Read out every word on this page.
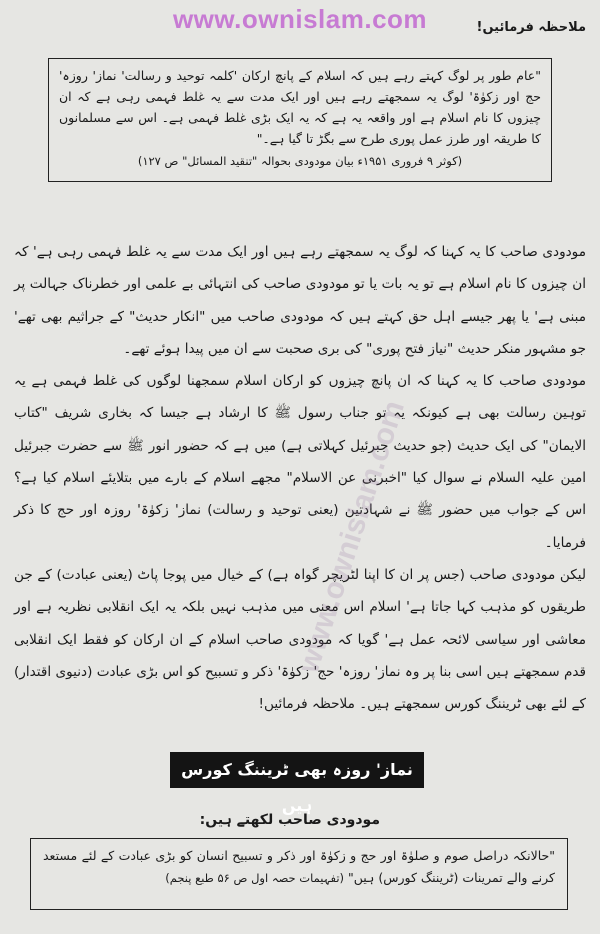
www.ownislam.com	ملاحظہ فرمائیں!
"عام طور پر لوگ کہتے رہے ہیں کہ اسلام کے پانچ ارکان 'کلمہ توحید و رسالت' نماز' روزہ' حج اور زکوٰۃ' لوگ یہ سمجھتے رہے ہیں اور ایک مدت سے یہ غلط فہمی رہی ہے کہ ان چیزوں کا نام اسلام ہے اور واقعہ یہ ہے کہ یہ ایک بڑی غلط فہمی ہے۔ اس سے مسلمانوں کا طریقہ اور طرز عمل پوری طرح سے بگڑ تا گیا ہے۔"
(کوثر ۹ فروری ۱۹۵۱ء بیان مودودی بحوالہ "تنقید المسائل" ص ۱۲۷)

مودودی صاحب کا یہ کہنا کہ لوگ یہ سمجھتے رہے ہیں اور ایک مدت سے یہ غلط فہمی رہی ہے' کہ ان چیزوں کا نام اسلام ہے تو یہ بات یا تو مودودی صاحب کی انتہائی بے علمی اور خطرناک جہالت پر مبنی ہے' یا پھر جیسے اہل حق کہتے ہیں کہ مودودی صاحب میں "انکار حدیث" کے جراثیم بھی تھے' جو مشہور منکر حدیث "نیاز فتح پوری" کی بری صحبت سے ان میں پیدا ہوئے تھے۔

مودودی صاحب کا یہ کہنا کہ ان پانچ چیزوں کو ارکان اسلام سمجھنا لوگوں کی غلط فہمی ہے یہ توہین رسالت بھی ہے کیونکہ یہ تو جناب رسول ﷺ کا ارشاد ہے جیسا کہ بخاری شریف "کتاب الایمان" کی ایک حدیث (جو حدیث جبرئیل کہلاتی ہے) میں ہے کہ حضور انور ﷺ سے حضرت جبرئیل امین علیہ السلام نے سوال کیا "اخبرنی عن الاسلام" مجھے اسلام کے بارے میں بتلایئے اسلام کیا ہے؟ اس کے جواب میں حضور ﷺ نے شہادتین (یعنی توحید و رسالت) نماز' زکوٰۃ' روزہ اور حج کا ذکر فرمایا۔

لیکن مودودی صاحب (جس پر ان کا اپنا لٹریچر گواہ ہے) کے خیال میں پوجا پاٹ (یعنی عبادت) کے جن طریقوں کو مذہب کہا جاتا ہے' اسلام اس معنی میں مذہب نہیں بلکہ یہ ایک انقلابی نظریہ ہے اور معاشی اور سیاسی لائحہ عمل ہے' گویا کہ مودودی صاحب اسلام کے ان ارکان کو فقط ایک انقلابی قدم سمجھتے ہیں اسی بنا پر وہ نماز' روزہ' حج' زکوٰۃ' ذکر و تسبیح کو اس بڑی عبادت (دنیوی اقتدار) کے لئے بھی ٹریننگ کورس سمجھتے ہیں۔ ملاحظہ فرمائیں!

www.ownislam.com
نماز' روزہ بھی ٹریننگ کورس ہیں
مودودی صاحب لکھتے ہیں:
"حالانکہ دراصل صوم و صلوٰۃ اور حج و زکوٰۃ اور ذکر و تسبیح انسان کو بڑی عبادت کے لئے مستعد کرنے والے تمرینات (ٹریننگ کورس) ہیں" (تفہیمات حصہ اول ص ۵۶ طبع پنجم)
